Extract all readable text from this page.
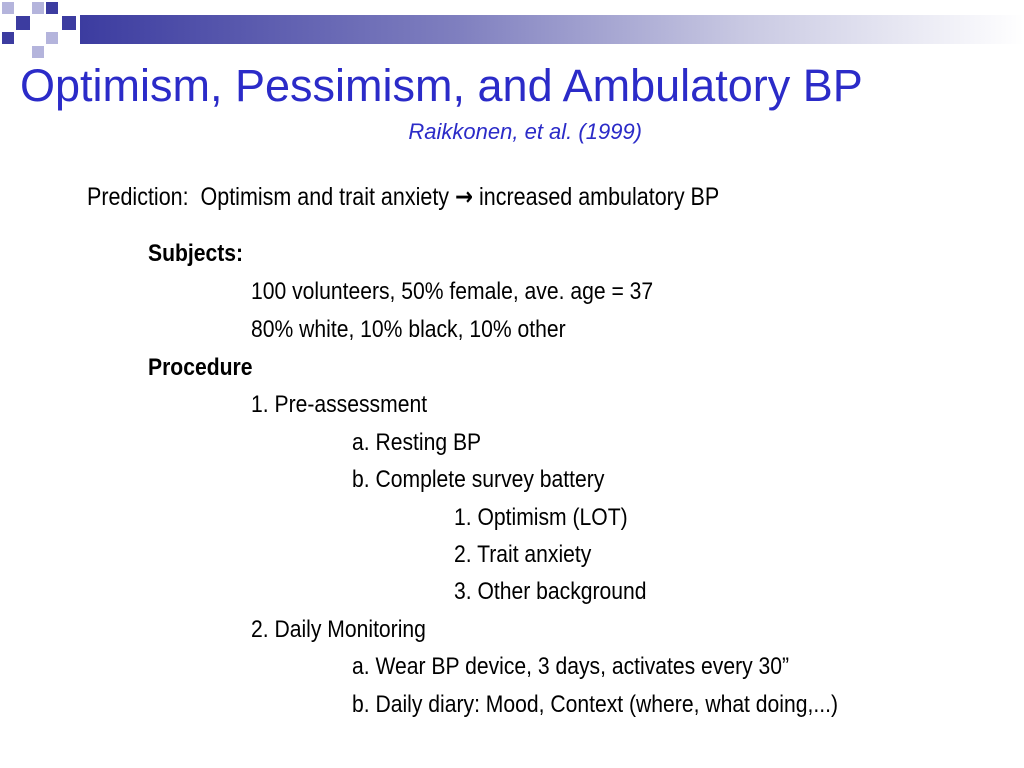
Optimism, Pessimism, and Ambulatory BP
Raikkonen, et al. (1999)
Prediction:  Optimism and trait anxiety → increased ambulatory BP
Subjects:
100 volunteers, 50% female, ave. age = 37
80% white, 10% black, 10% other
Procedure
1. Pre-assessment
a. Resting BP
b. Complete survey battery
1. Optimism (LOT)
2. Trait anxiety
3. Other background
2. Daily Monitoring
a. Wear BP device, 3 days, activates every 30”
b. Daily diary: Mood, Context (where, what doing,...)
